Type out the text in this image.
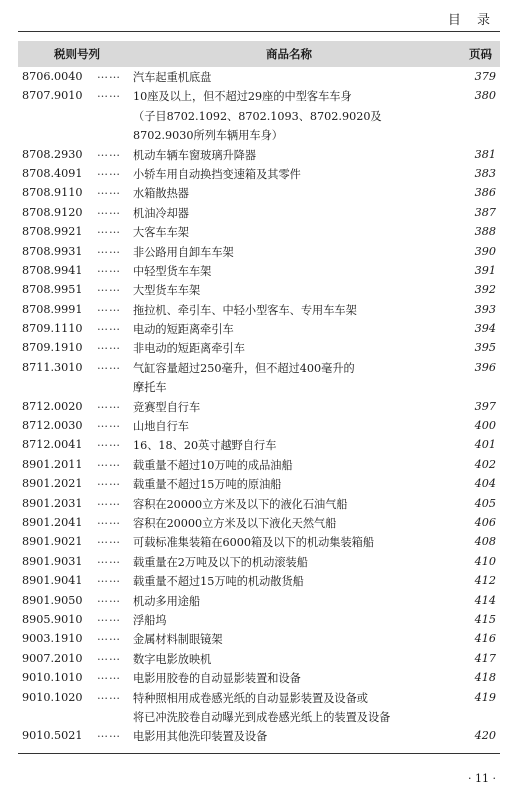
目 录
税则号列	商品名称	页码
8706.0040 …… 汽车起重机底盘	379
8707.9010 …… 10座及以上，但不超过29座的中型客车车身
（子目8702.1092、8702.1093、8702.9020及
8702.9030所列车辆用车身）
380
8708.2930 …… 机动车辆车窗玻璃升降器	381
8708.4091 …… 小轿车用自动换挡变速箱及其零件	383
8708.9110 …… 水箱散热器	386
8708.9120 …… 机油冷却器	387
8708.9921 …… 大客车车架	388
8708.9931 …… 非公路用自卸车车架	390
8708.9941 …… 中轻型货车车架	391
8708.9951 …… 大型货车车架	392
8708.9991 …… 拖拉机、牵引车、中轻小型客车、专用车车架	393
8709.1110 …… 电动的短距离牵引车	394
8709.1910 …… 非电动的短距离牵引车	395
8711.3010 …… 气缸容量超过250毫升，但不超过400毫升的
摩托车
396
8712.0020 …… 竞赛型自行车	397
8712.0030 …… 山地自行车	400
8712.0041 …… 16、18、20英寸越野自行车	401
8901.2011 …… 载重量不超过10万吨的成品油船	402
8901.2021 …… 载重量不超过15万吨的原油船	404
8901.2031 …… 容积在20000立方米及以下的液化石油气船	405
8901.2041 …… 容积在20000立方米及以下液化天然气船	406
8901.9021 …… 可载标准集装箱在6000箱及以下的机动集装箱船	408
8901.9031 …… 载重量在2万吨及以下的机动滚装船	410
8901.9041 …… 载重量不超过15万吨的机动散货船	412
8901.9050 …… 机动多用途船	414
8905.9010 …… 浮船坞	415
9003.1910 …… 金属材料制眼镜架	416
9007.2010 …… 数字电影放映机	417
9010.1010 …… 电影用胶卷的自动显影装置和设备	418
9010.1020 …… 特种照相用成卷感光纸的自动显影装置及设备或
将已冲洗胶卷自动曝光到成卷感光纸上的装置及设备
419
9010.5021 …… 电影用其他洗印装置及设备	420
· 11 ·
